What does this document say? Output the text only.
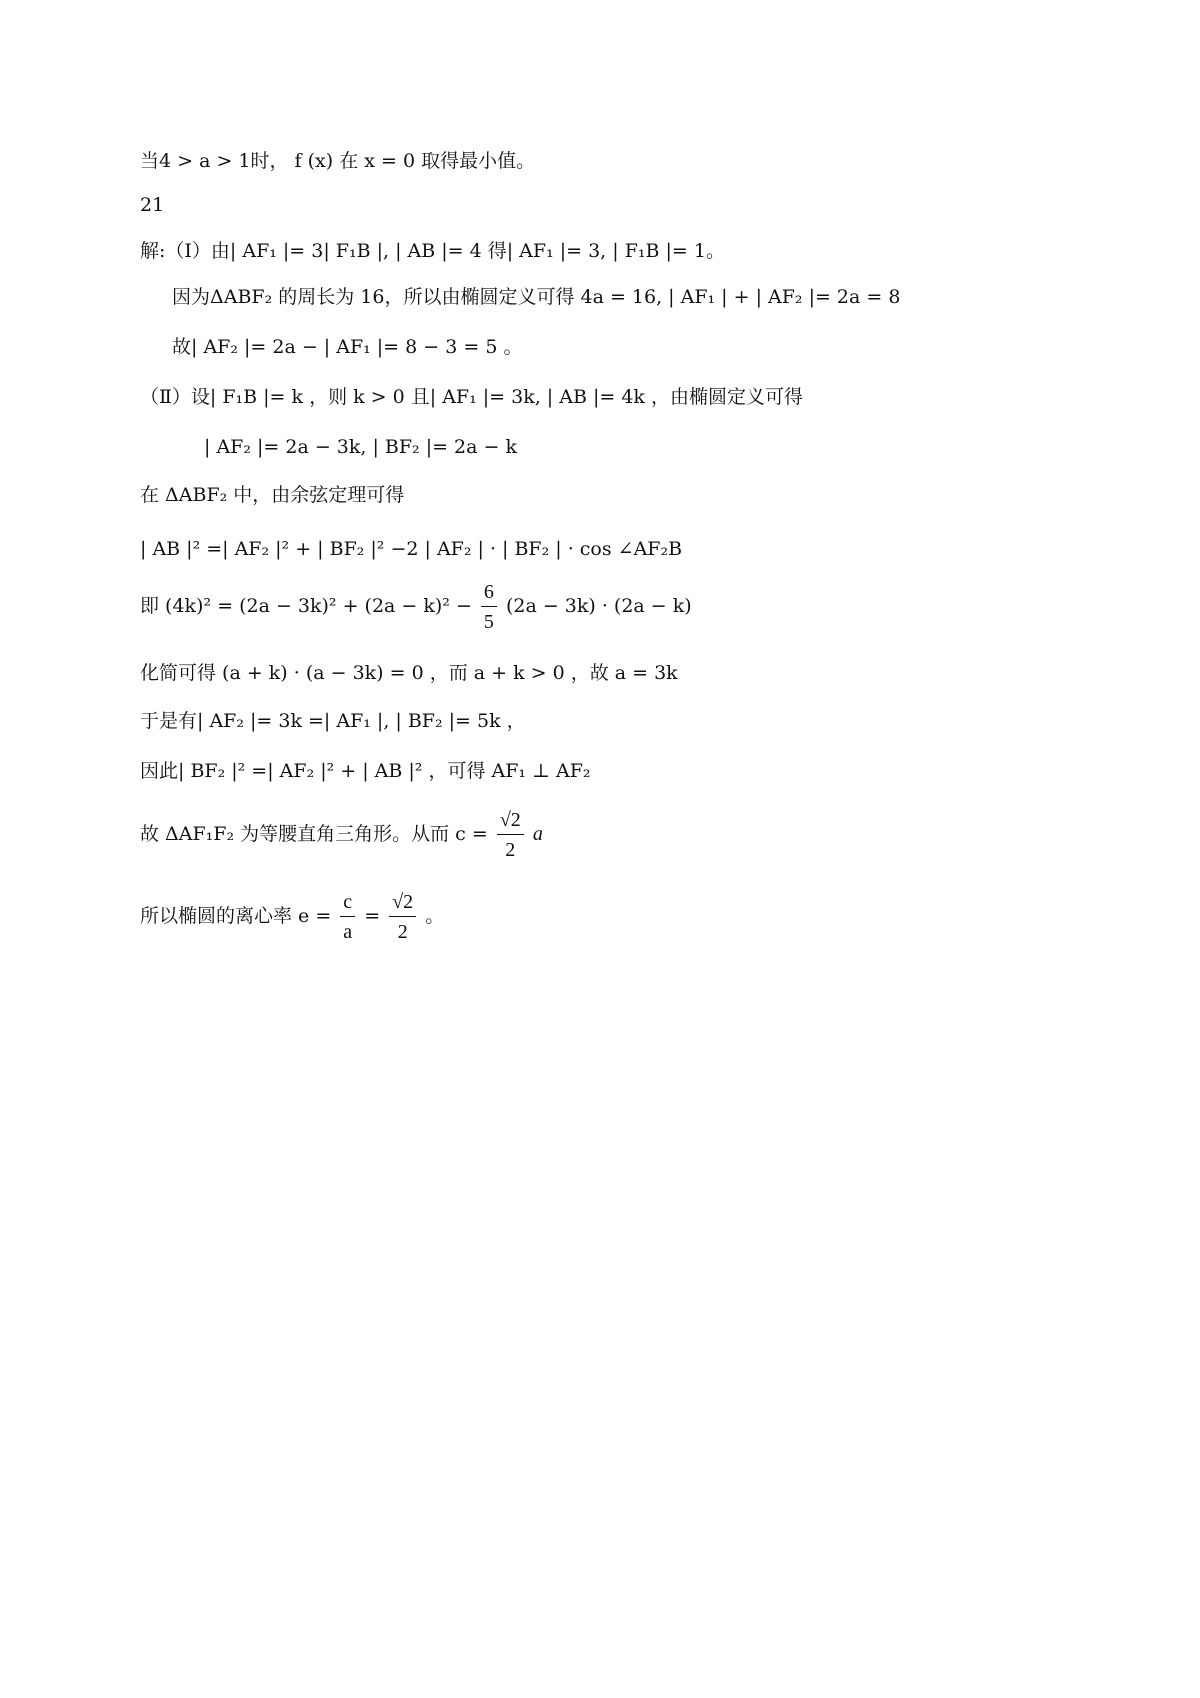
当4 > a > 1时， f (x) 在 x = 0 取得最小值。
21
解:（Ⅰ）由| AF₁ |= 3| F₁B |, | AB |= 4 得| AF₁ |= 3, | F₁B |= 1。
因为ΔABF₂ 的周长为 16，所以由椭圆定义可得 4a = 16, | AF₁ | + | AF₂ |= 2a = 8
故| AF₂ |= 2a − | AF₁ |= 8 − 3 = 5 。
（Ⅱ）设| F₁B |= k ，则 k > 0 且| AF₁ |= 3k, | AB |= 4k ，由椭圆定义可得
| AF₂ |= 2a − 3k, | BF₂ |= 2a − k
在 ΔABF₂ 中，由余弦定理可得
| AB |² =| AF₂ |² + | BF₂ |² −2 | AF₂ | · | BF₂ | · cos ∠AF₂B
即 $(4k)^2 = (2a - 3k)^2 + (2a - k)^2 - \frac{6}{5} (2a - 3k) \cdot (2a - k)$
化简可得 (a + k) · (a − 3k) = 0 ，而 a + k > 0 ，故 a = 3k
于是有| AF₂ |= 3k =| AF₁ |, | BF₂ |= 5k ，
因此| BF₂ |² =| AF₂ |² + | AB |² ，可得 AF₁ ⊥ AF₂
故 ΔAF₁F₂ 为等腰直角三角形。从而 $c = \frac{√2}{2}$ a
所以椭圆的离心率 $e = \frac{c}{a} = \frac{√2}{2}$ 。
